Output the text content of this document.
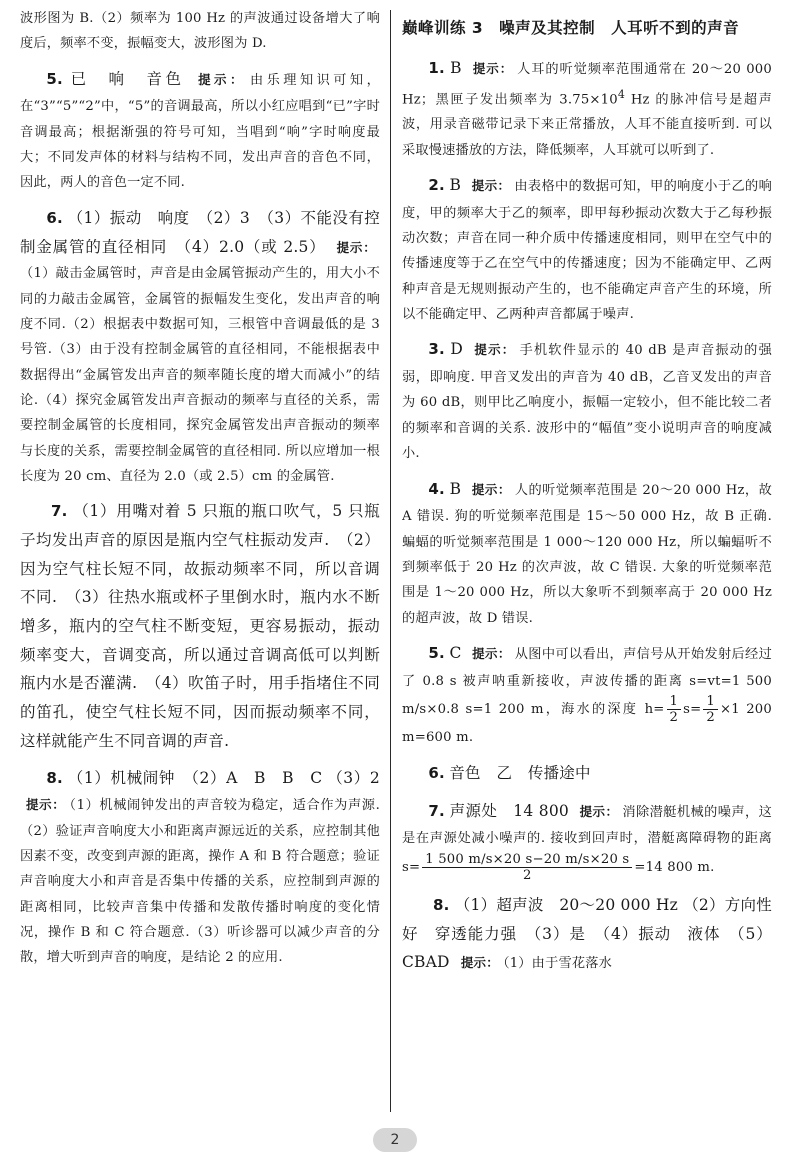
波形图为 B.（2）频率为 100 Hz 的声波通过设备增大了响度后，频率不变，振幅变大，波形图为 D.

5. 已　响　音色 提示： 由乐理知识可知，在“3”“5”“2”中，“5”的音调最高，所以小红应唱到“已”字时音调最高；根据渐强的符号可知，当唱到“响”字时响度最大；不同发声体的材料与结构不同，发出声音的音色不同，因此，两人的音色一定不同.

6. （1）振动　响度　（2）3　（3）不能没有控制金属管的直径相同　（4）2.0（或 2.5） 提示：（1）敲击金属管时，声音是由金属管振动产生的，用大小不同的力敲击金属管，金属管的振幅发生变化，发出声音的响度不同.（2）根据表中数据可知，三根管中音调最低的是 3 号管.（3）由于没有控制金属管的直径相同，不能根据表中数据得出“金属管发出声音的频率随长度的增大而减小”的结论.（4）探究金属管发出声音振动的频率与直径的关系，需要控制金属管的长度相同，探究金属管发出声音振动的频率与长度的关系，需要控制金属管的直径相同. 所以应增加一根长度为 20 cm、直径为 2.0（或 2.5）cm 的金属管.

7. （1）用嘴对着 5 只瓶的瓶口吹气，5 只瓶子均发出声音的原因是瓶内空气柱振动发声.　（2）因为空气柱长短不同，故振动频率不同，所以音调不同.　（3）往热水瓶或杯子里倒水时，瓶内水不断增多，瓶内的空气柱不断变短，更容易振动，振动频率变大，音调变高，所以通过音调高低可以判断瓶内水是否灌满.　（4）吹笛子时，用手指堵住不同的笛孔，使空气柱长短不同，因而振动频率不同，这样就能产生不同音调的声音.

8. （1）机械闹钟　（2）A　B　B　C （3）2 提示： （1）机械闹钟发出的声音较为稳定，适合作为声源.（2）验证声音响度大小和距离声源远近的关系，应控制其他因素不变，改变到声源的距离，操作 A 和 B 符合题意；验证声音响度大小和声音是否集中传播的关系，应控制到声源的距离相同，比较声音集中传播和发散传播时响度的变化情况，操作 B 和 C 符合题意.（3）听诊器可以减少声音的分散，增大听到声音的响度，是结论 2 的应用.

巅峰训练 3　噪声及其控制　人耳听不到的声音

1. B 提示： 人耳的听觉频率范围通常在 20～20 000 Hz；黑匣子发出频率为 $3.75\times 10^4$ Hz 的脉冲信号是超声波，用录音磁带记录下来正常播放，人耳不能直接听到. 可以采取慢速播放的方法，降低频率，人耳就可以听到了.

2. B 提示： 由表格中的数据可知，甲的响度小于乙的响度，甲的频率大于乙的频率，即甲每秒振动次数大于乙每秒振动次数；声音在同一种介质中传播速度相同，则甲在空气中的传播速度等于乙在空气中的传播速度；因为不能确定甲、乙两种声音是无规则振动产生的，也不能确定声音产生的环境，所以不能确定甲、乙两种声音都属于噪声.

3. D 提示： 手机软件显示的 40 dB 是声音振动的强弱，即响度. 甲音叉发出的声音为 40 dB，乙音叉发出的声音为 60 dB，则甲比乙响度小，振幅一定较小，但不能比较二者的频率和音调的关系. 波形中的“幅值”变小说明声音的响度减小.

4. B 提示： 人的听觉频率范围是 20～20 000 Hz，故 A 错误. 狗的听觉频率范围是 15～50 000 Hz，故 B 正确. 蝙蝠的听觉频率范围是 1 000～120 000 Hz，所以蝙蝠听不到频率低于 20 Hz 的次声波，故 C 错误. 大象的听觉频率范围是 1～20 000 Hz，所以大象听不到频率高于 20 000 Hz 的超声波，故 D 错误.

5. C 提示： 从图中可以看出，声信号从开始发射后经过了 0.8 s 被声呐重新接收，声波传播的距离 s=vt=1 500 m/s×0.8 s=1 200 m，海水的深度 $h= \frac{1}{2} s= \frac{1}{2} \times 1$ 200 m=600 m.

6. 音色　乙　传播途中

7. 声源处　14 800 提示： 消除潜艇机械的噪声，这是在声源处减小噪声的. 接收到回声时，潜艇离障碍物的距离 $s= \frac{1 500 m/s\times 20 s-20 m/s\times 20 s}{2} =14$ 800 m.

8. （1）超声波　20～20 000 Hz （2）方向性好　穿透能力强　（3）是　（4）振动　液体　（5）CBAD 提示： （1）由于雪花落水

2
